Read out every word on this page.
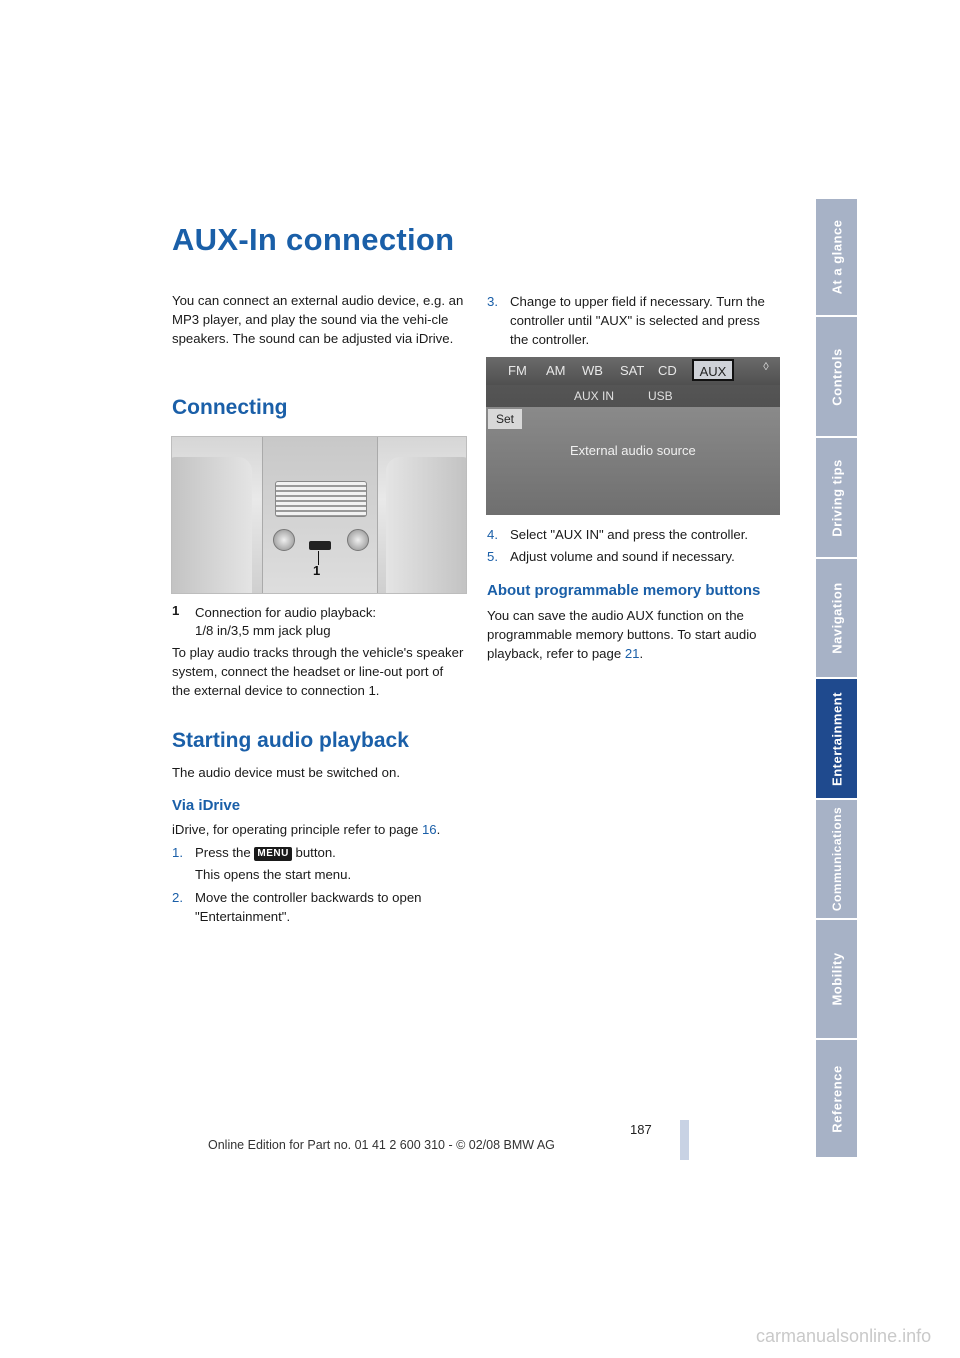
AUX-In connection

You can connect an external audio device, e.g. an MP3 player, and play the sound via the vehi-cle speakers. The sound can be adjusted via iDrive.

Connecting
1
1 Connection for audio playback:

1/8 in/3,5 mm jack plug

To play audio tracks through the vehicle's speaker system, connect the headset or line-out port of the external device to connection 1.

Starting audio playback

The audio device must be switched on.

Via iDrive

iDrive, for operating principle refer to page 16.

1. Press the MENU button.
This opens the start menu.
2. Move the controller backwards to open
"Entertainment".
3. Change to upper field if necessary. Turn the
controller until "AUX" is selected and press
the controller.
FM AM WB SAT CD	AUX	◊
AUX IN	USB
Set
External audio source
4. Select "AUX IN" and press the controller.
5. Adjust volume and sound if necessary.
About programmable memory buttons

You can save the audio AUX function on the programmable memory buttons. To start audio playback, refer to page 21.

At a glance
Controls
Driving tips
Navigation
Entertainment
Communications
Mobility
Reference
187
Online Edition for Part no. 01 41 2 600 310 - © 02/08 BMW AG
carmanualsonline.info
